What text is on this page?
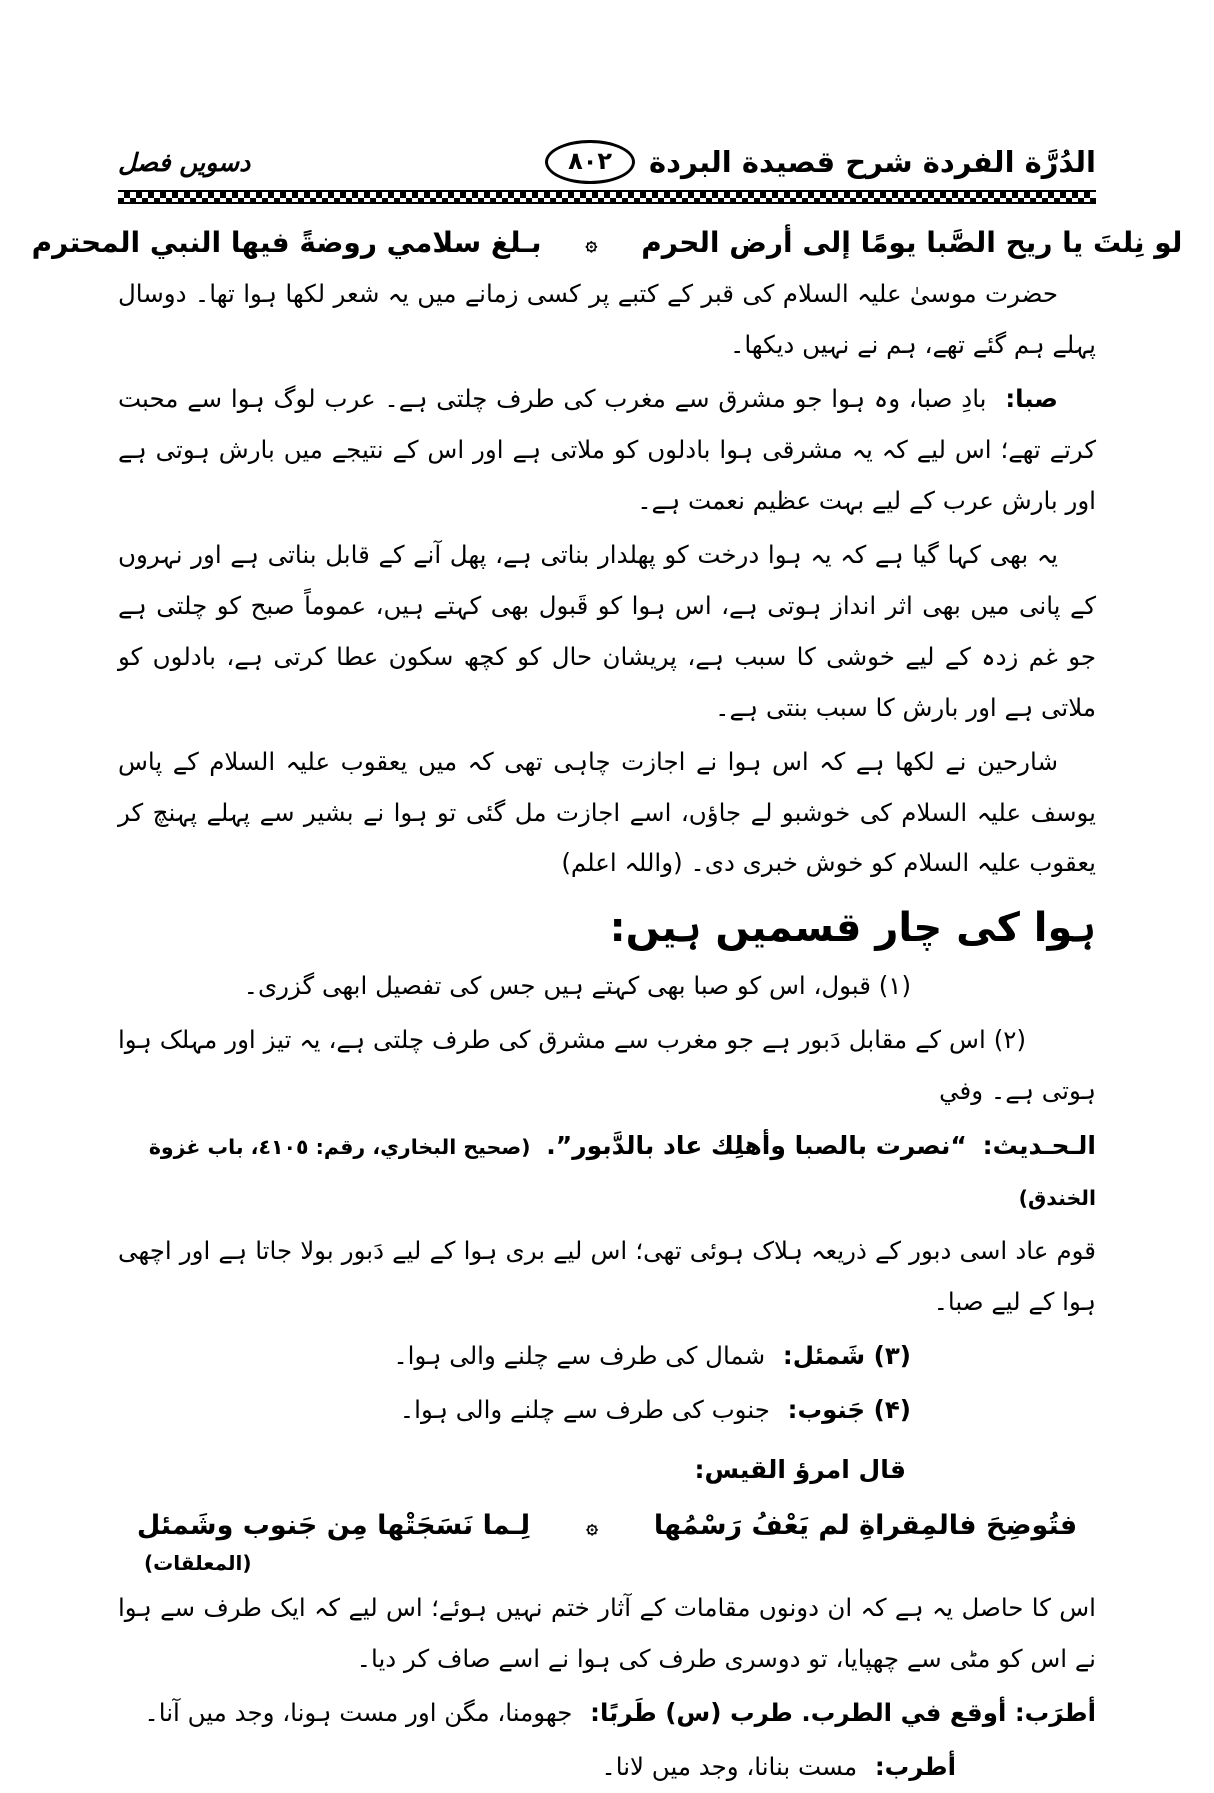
الدُرَّة الفردة شرح قصیدة البردة
٨٠٢
دسویں فصل
لو نِلتَ یا ریح الصَّبا یومًا إلی أرض الحرم
۞
بـلغ سلامي روضةً فیها النبي المحترم

حضرت موسیٰ علیہ السلام کی قبر کے کتبے پر کسی زمانے میں یہ شعر لکھا ہوا تھا۔ دوسال پہلے ہم گئے تھے، ہم نے نہیں دیکھا۔

صبا: بادِ صبا، وہ ہوا جو مشرق سے مغرب کی طرف چلتی ہے۔ عرب لوگ ہوا سے محبت کرتے تھے؛ اس لیے کہ یہ مشرقی ہوا بادلوں کو ملاتی ہے اور اس کے نتیجے میں بارش ہوتی ہے اور بارش عرب کے لیے بہت عظیم نعمت ہے۔

یہ بھی کہا گیا ہے کہ یہ ہوا درخت کو پھلدار بناتی ہے، پھل آنے کے قابل بناتی ہے اور نہروں کے پانی میں بھی اثر انداز ہوتی ہے، اس ہوا کو قَبول بھی کہتے ہیں، عموماً صبح کو چلتی ہے جو غم زدہ کے لیے خوشی کا سبب ہے، پریشان حال کو کچھ سکون عطا کرتی ہے، بادلوں کو ملاتی ہے اور بارش کا سبب بنتی ہے۔

شارحین نے لکھا ہے کہ اس ہوا نے اجازت چاہی تھی کہ میں یعقوب علیہ السلام کے پاس یوسف علیہ السلام کی خوشبو لے جاؤں، اسے اجازت مل گئی تو ہوا نے بشیر سے پہلے پہنچ کر یعقوب علیہ السلام کو خوش خبری دی۔ (واللہ اعلم)

ہوا کی چار قسمیں ہیں:

(۱) قبول، اس کو صبا بھی کہتے ہیں جس کی تفصیل ابھی گزری۔

(۲) اس کے مقابل دَبور ہے جو مغرب سے مشرق کی طرف چلتی ہے، یہ تیز اور مہلک ہوا ہوتی ہے۔ وفي

الـحـدیث: “نصرت بالصبا وأهلِك عاد بالدَّبور”. (صحیح البخاري، رقم: ٤١٠٥، باب غزوة الخندق)

قوم عاد اسی دبور کے ذریعہ ہلاک ہوئی تھی؛ اس لیے بری ہوا کے لیے دَبور بولا جاتا ہے اور اچھی ہوا کے لیے صبا۔

(۳) شَمئل: شمال کی طرف سے چلنے والی ہوا۔

(۴) جَنوب: جنوب کی طرف سے چلنے والی ہوا۔

قال امرؤ القیس:

فتُوضِحَ فالمِقراةِ لم یَعْفُ رَسْمُها
۞
لِـما نَسَجَتْها مِن جَنوب وشَمئل
(المعلقات)

اس کا حاصل یہ ہے کہ ان دونوں مقامات کے آثار ختم نہیں ہوئے؛ اس لیے کہ ایک طرف سے ہوا نے اس کو مٹی سے چھپایا، تو دوسری طرف کی ہوا نے اسے صاف کر دیا۔

أطرَب: أوقع في الطرب. طرب (س) طَربًا: جھومنا، مگن اور مست ہونا، وجد میں آنا۔

أطرب: مست بنانا، وجد میں لانا۔
